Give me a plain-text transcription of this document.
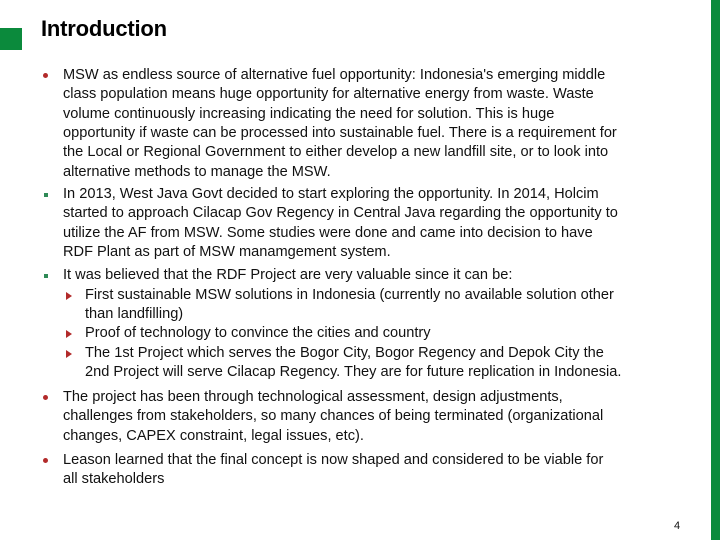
Introduction
MSW as endless source of alternative fuel opportunity: Indonesia's emerging middle
class population means huge opportunity for alternative energy from waste. Waste
volume continuously increasing indicating the need for solution. This is huge
opportunity if waste can be processed into sustainable fuel. There is a requirement for
the Local or Regional Government to either develop a new landfill site, or to look into
alternative methods to manage the MSW.
In 2013, West Java Govt decided to start exploring the opportunity. In 2014, Holcim
started to approach Cilacap Gov Regency in Central Java regarding the opportunity to
utilize the AF from MSW. Some studies were done and came into decision to have
RDF Plant as part of MSW manamgement system.
It was believed that the RDF Project are very valuable since it can be:
First sustainable MSW solutions in Indonesia (currently no available solution other
than landfilling)
Proof of technology to convince the cities and country
The 1st Project which serves the Bogor City, Bogor Regency and Depok City the
2nd Project will serve Cilacap Regency. They are for future replication in Indonesia.
The project has been through technological assessment, design adjustments,
challenges from stakeholders, so many chances of being terminated (organizational
changes, CAPEX constraint, legal issues, etc).
Leason learned that the final concept is now shaped and considered to be viable for
all stakeholders
4
